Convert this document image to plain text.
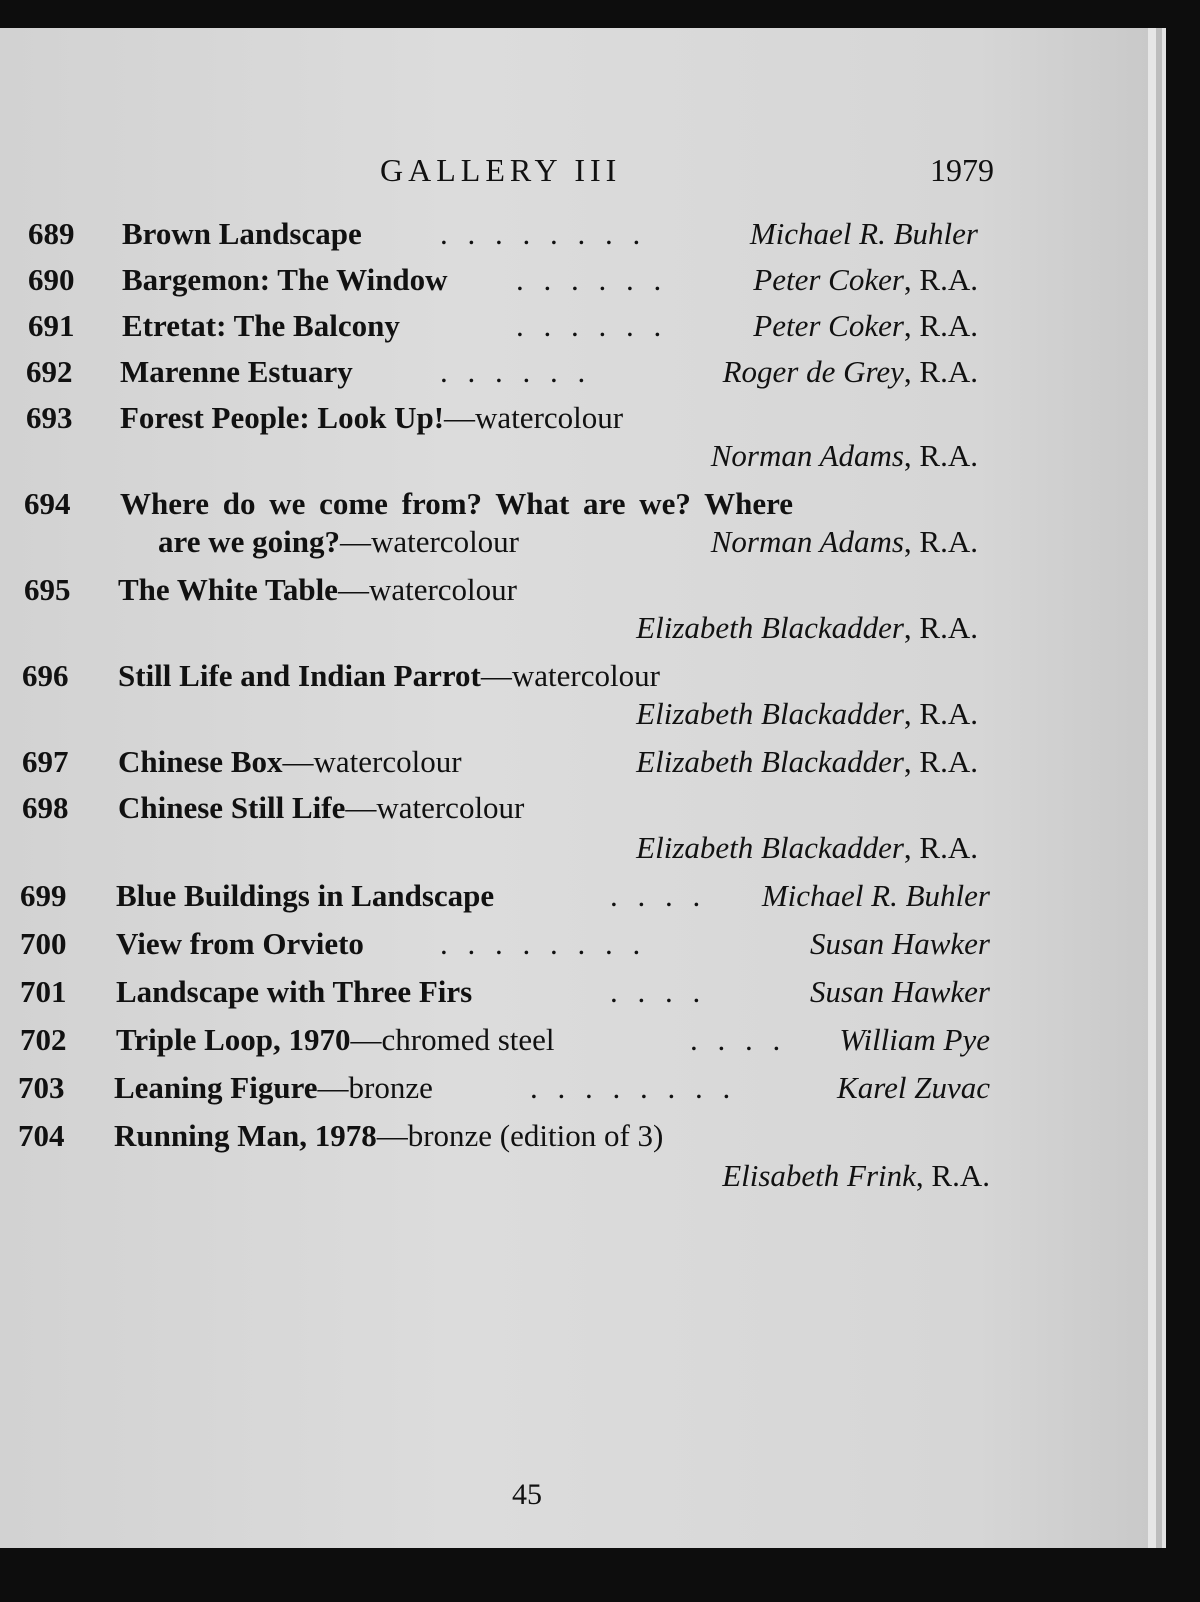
GALLERY III	1979
689 Brown Landscape	. . . . . . . .	Michael R. Buhler
690 Bargemon: The Window . . . . . .	Peter Coker, R.A.
691 Etretat: The Balcony	. . . . . .	Peter Coker, R.A.
692 Marenne Estuary	. . . . . .	Roger de Grey, R.A.
693 Forest People: Look Up!—watercolour
Norman Adams, R.A.
694 Where do we come from? What are we? Where
are we going?—watercolour	Norman Adams, R.A.
695 The White Table—watercolour
Elizabeth Blackadder, R.A.
696 Still Life and Indian Parrot—watercolour
Elizabeth Blackadder, R.A.
697 Chinese Box—watercolour	Elizabeth Blackadder, R.A.
698 Chinese Still Life—watercolour
Elizabeth Blackadder, R.A.
699 Blue Buildings in Landscape	. . . . Michael R. Buhler
700 View from Orvieto . . . . . . . .	Susan Hawker
701 Landscape with Three Firs	. . . .	Susan Hawker
702 Triple Loop, 1970—chromed steel	. . . . William Pye
703 Leaning Figure—bronze	. . . . . . . .	Karel Zuvac
704 Running Man, 1978—bronze (edition of 3)
Elisabeth Frink, R.A.
45
